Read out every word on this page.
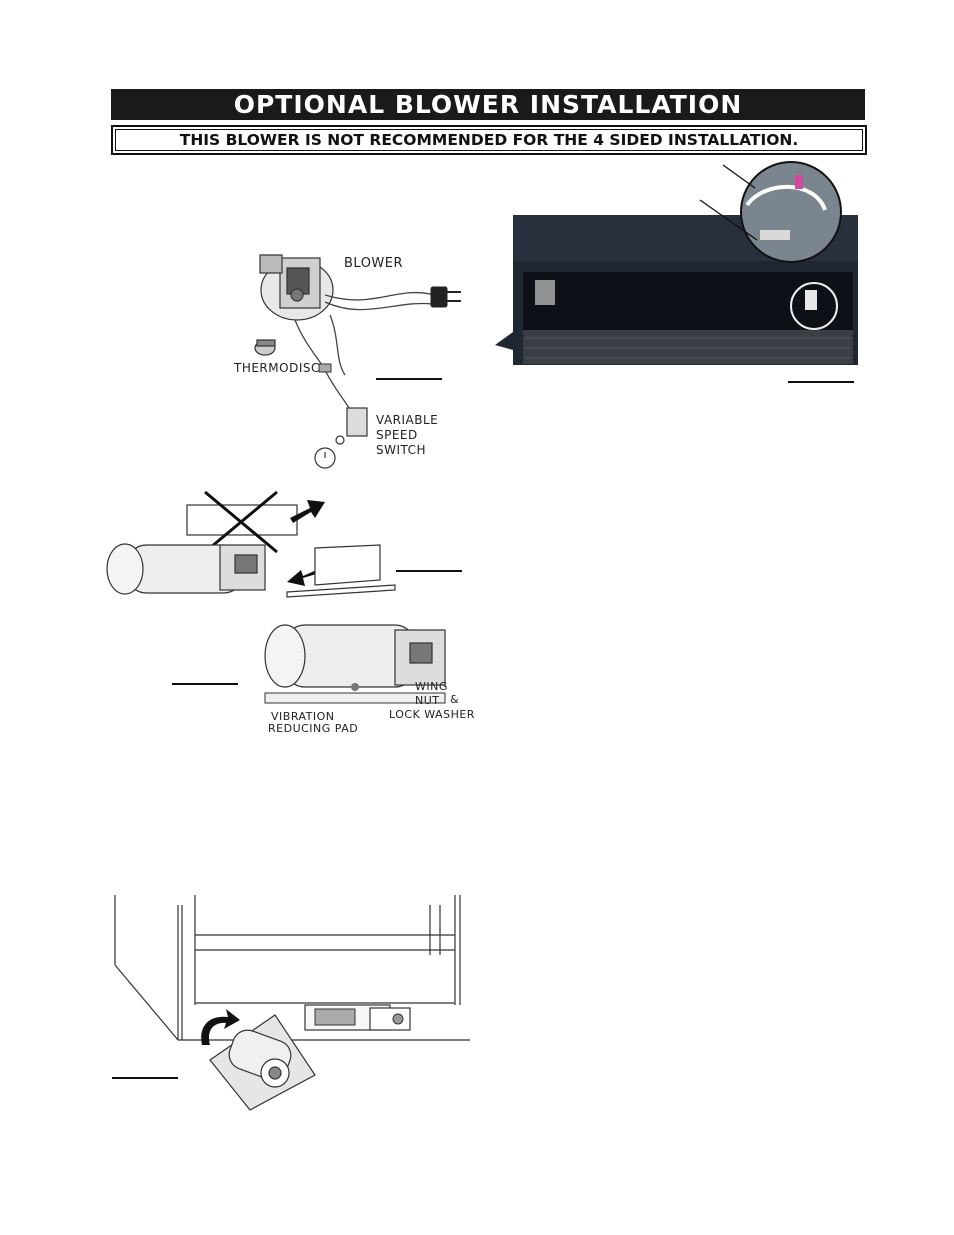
OPTIONAL BLOWER INSTALLATION
THIS BLOWER IS NOT RECOMMENDED FOR THE 4 SIDED INSTALLATION.
BLOWER
THERMODISC
VARIABLE
SPEED
SWITCH
WING NUT &
LOCK WASHER
VIBRATION
REDUCING PAD
